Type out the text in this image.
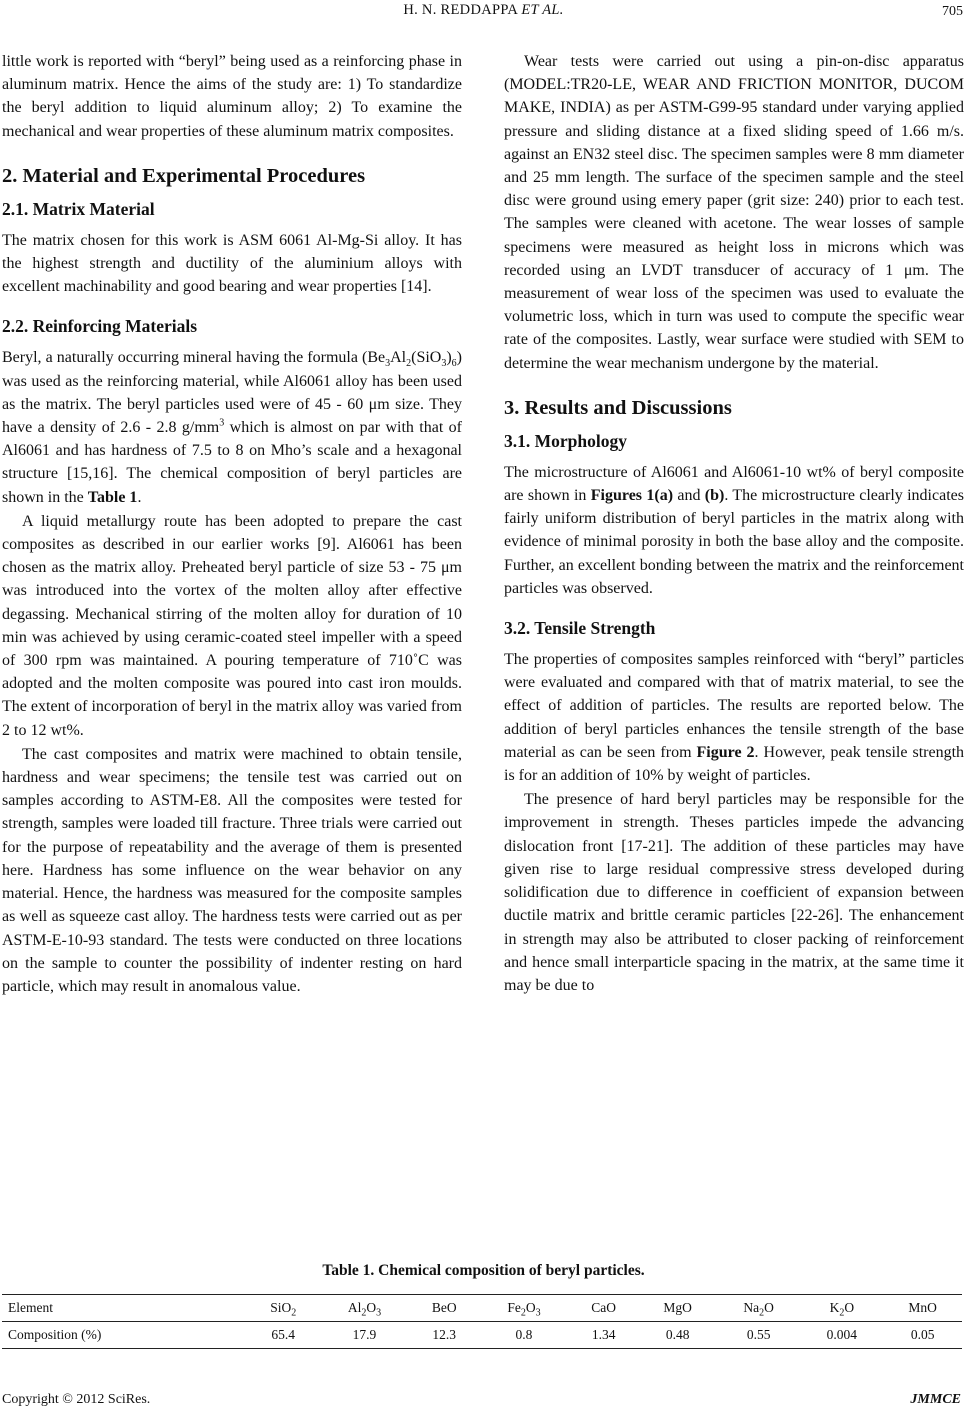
H. N. REDDAPPA ET AL.	705

little work is reported with “beryl” being used as a reinforcing phase in aluminum matrix. Hence the aims of the study are: 1) To standardize the beryl addition to liquid aluminum alloy; 2) To examine the mechanical and wear properties of these aluminum matrix composites.

2. Material and Experimental Procedures
2.1. Matrix Material

The matrix chosen for this work is ASM 6061 Al-Mg-Si alloy. It has the highest strength and ductility of the aluminium alloys with excellent machinability and good bearing and wear properties [14].

2.2. Reinforcing Materials

Beryl, a naturally occurring mineral having the formula $(Be_3Al_2(SiO_3)_6)$ was used as the reinforcing material, while Al6061 alloy has been used as the matrix. The beryl particles used were of 45 - 60 μm size. They have a density of 2.6 - 2.8 $g/mm^3$ which is almost on par with that of Al6061 and has hardness of 7.5 to 8 on Mho’s scale and a hexagonal structure [15,16]. The chemical composition of beryl particles are shown in the Table 1.

A liquid metallurgy route has been adopted to prepare the cast composites as described in our earlier works [9]. Al6061 has been chosen as the matrix alloy. Preheated beryl particle of size 53 - 75 μm was introduced into the vortex of the molten alloy after effective degassing. Mechanical stirring of the molten alloy for duration of 10 min was achieved by using ceramic-coated steel impeller with a speed of 300 rpm was maintained. A pouring temperature of 710˚C was adopted and the molten composite was poured into cast iron moulds. The extent of incorporation of beryl in the matrix alloy was varied from 2 to 12 wt%.

The cast composites and matrix were machined to obtain tensile, hardness and wear specimens; the tensile test was carried out on samples according to ASTM-E8. All the composites were tested for strength, samples were loaded till fracture. Three trials were carried out for the purpose of repeatability and the average of them is presented here. Hardness has some influence on the wear behavior on any material. Hence, the hardness was measured for the composite samples as well as squeeze cast alloy. The hardness tests were carried out as per ASTM-E-10-93 standard. The tests were conducted on three locations on the sample to counter the possibility of indenter resting on hard particle, which may result in anomalous value.

Wear tests were carried out using a pin-on-disc apparatus (MODEL:TR20-LE, WEAR AND FRICTION MONITOR, DUCOM MAKE, INDIA) as per ASTM-G99-95 standard under varying applied pressure and sliding distance at a fixed sliding speed of 1.66 m/s. against an EN32 steel disc. The specimen samples were 8 mm diameter and 25 mm length. The surface of the specimen sample and the steel disc were ground using emery paper (grit size: 240) prior to each test. The samples were cleaned with acetone. The wear losses of sample specimens were measured as height loss in microns which was recorded using an LVDT transducer of accuracy of 1 μm. The measurement of wear loss of the specimen was used to evaluate the volumetric loss, which in turn was used to compute the specific wear rate of the composites. Lastly, wear surface were studied with SEM to determine the wear mechanism undergone by the material.

3. Results and Discussions
3.1. Morphology

The microstructure of Al6061 and Al6061-10 wt% of beryl composite are shown in Figures 1(a) and (b). The microstructure clearly indicates fairly uniform distribution of beryl particles in the matrix along with evidence of minimal porosity in both the base alloy and the composite. Further, an excellent bonding between the matrix and the reinforcement particles was observed.

3.2. Tensile Strength

The properties of composites samples reinforced with “beryl” particles were evaluated and compared with that of matrix material, to see the effect of addition of particles. The results are reported below. The addition of beryl particles enhances the tensile strength of the base material as can be seen from Figure 2. However, peak tensile strength is for an addition of 10% by weight of particles.

The presence of hard beryl particles may be responsible for the improvement in strength. Theses particles impede the advancing dislocation front [17-21]. The addition of these particles may have given rise to large residual compressive stress developed during solidification due to difference in coefficient of expansion between ductile matrix and brittle ceramic particles [22-26]. The enhancement in strength may also be attributed to closer packing of reinforcement and hence small interparticle spacing in the matrix, at the same time it may be due to

Table 1. Chemical composition of beryl particles.
Element	SiO$_2$	$Al_2O_3$	BeO	$Fe_2O_3$	CaO	MgO	$Na_2O$	$K_2O$	MnO
Composition (%)	65.4	17.9	12.3	0.8	1.34	0.48	0.55	0.004	0.05
Copyright © 2012 SciRes.	JMMCE
